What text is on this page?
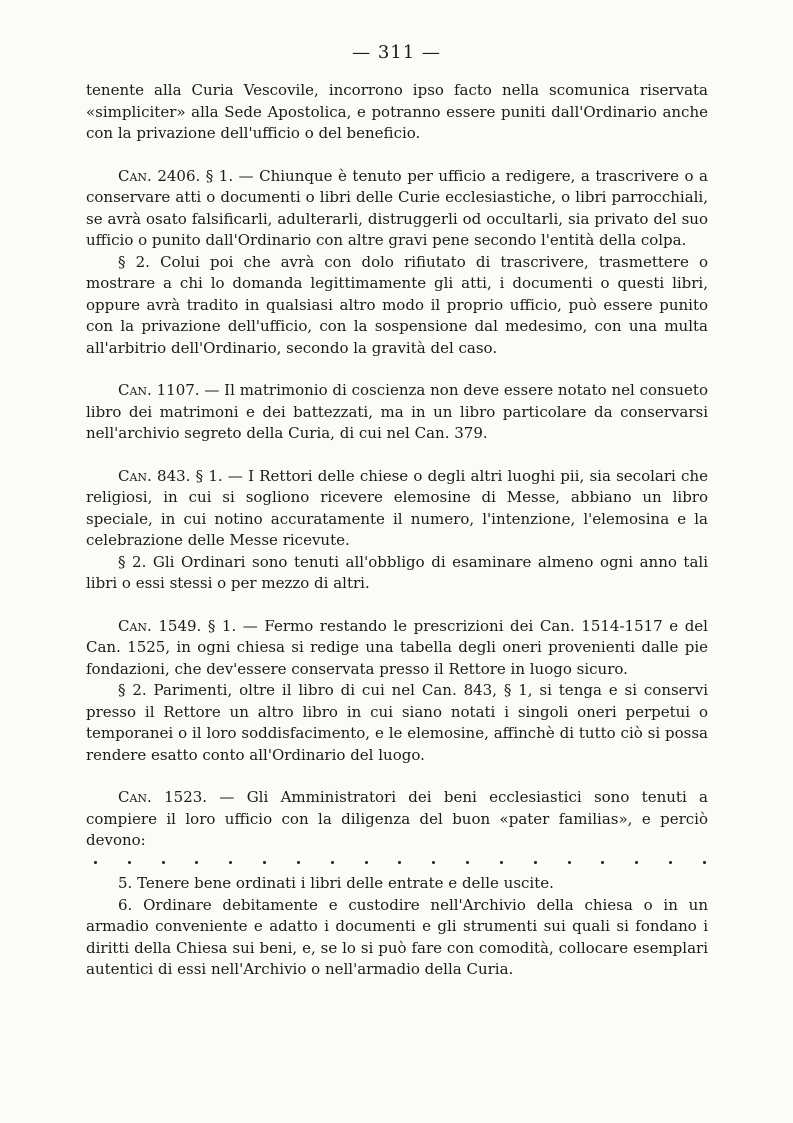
— 311 —

tenente alla Curia Vescovile, incorrono ipso facto nella scomunica riservata «simpliciter» alla Sede Apostolica, e potranno essere puniti dall'Ordinario anche con la privazione dell'ufficio o del beneficio.

Can. 2406. § 1. — Chiunque è tenuto per ufficio a redigere, a trascrivere o a conservare atti o documenti o libri delle Curie ecclesiastiche, o libri parrocchiali, se avrà osato falsificarli, adulterarli, distruggerli od occultarli, sia privato del suo ufficio o punito dall'Ordinario con altre gravi pene secondo l'entità della colpa.

§ 2. Colui poi che avrà con dolo rifiutato di trascrivere, trasmettere o mostrare a chi lo domanda legittimamente gli atti, i documenti o questi libri, oppure avrà tradito in qualsiasi altro modo il proprio ufficio, può essere punito con la privazione dell'ufficio, con la sospensione dal medesimo, con una multa all'arbitrio dell'Ordinario, secondo la gravità del caso.

Can. 1107. — Il matrimonio di coscienza non deve essere notato nel consueto libro dei matrimoni e dei battezzati, ma in un libro particolare da conservarsi nell'archivio segreto della Curia, di cui nel Can. 379.

Can. 843. § 1. — I Rettori delle chiese o degli altri luoghi pii, sia secolari che religiosi, in cui si sogliono ricevere elemosine di Messe, abbiano un libro speciale, in cui notino accuratamente il numero, l'intenzione, l'elemosina e la celebrazione delle Messe ricevute.

§ 2. Gli Ordinari sono tenuti all'obbligo di esaminare almeno ogni anno tali libri o essi stessi o per mezzo di altri.

Can. 1549. § 1. — Fermo restando le prescrizioni dei Can. 1514-1517 e del Can. 1525, in ogni chiesa si redige una tabella degli oneri provenienti dalle pie fondazioni, che dev'essere conservata presso il Rettore in luogo sicuro.

§ 2. Parimenti, oltre il libro di cui nel Can. 843, § 1, si tenga e si conservi presso il Rettore un altro libro in cui siano notati i singoli oneri perpetui o temporanei o il loro soddisfacimento, e le elemosine, affinchè di tutto ciò si possa rendere esatto conto all'Ordinario del luogo.

Can. 1523. — Gli Amministratori dei beni ecclesiastici sono tenuti a compiere il loro ufficio con la diligenza del buon «pater familias», e perciò devono:

5. Tenere bene ordinati i libri delle entrate e delle uscite.

6. Ordinare debitamente e custodire nell'Archivio della chiesa o in un armadio conveniente e adatto i documenti e gli strumenti sui quali si fondano i diritti della Chiesa sui beni, e, se lo si può fare con comodità, collocare esemplari autentici di essi nell'Archivio o nell'armadio della Curia.
